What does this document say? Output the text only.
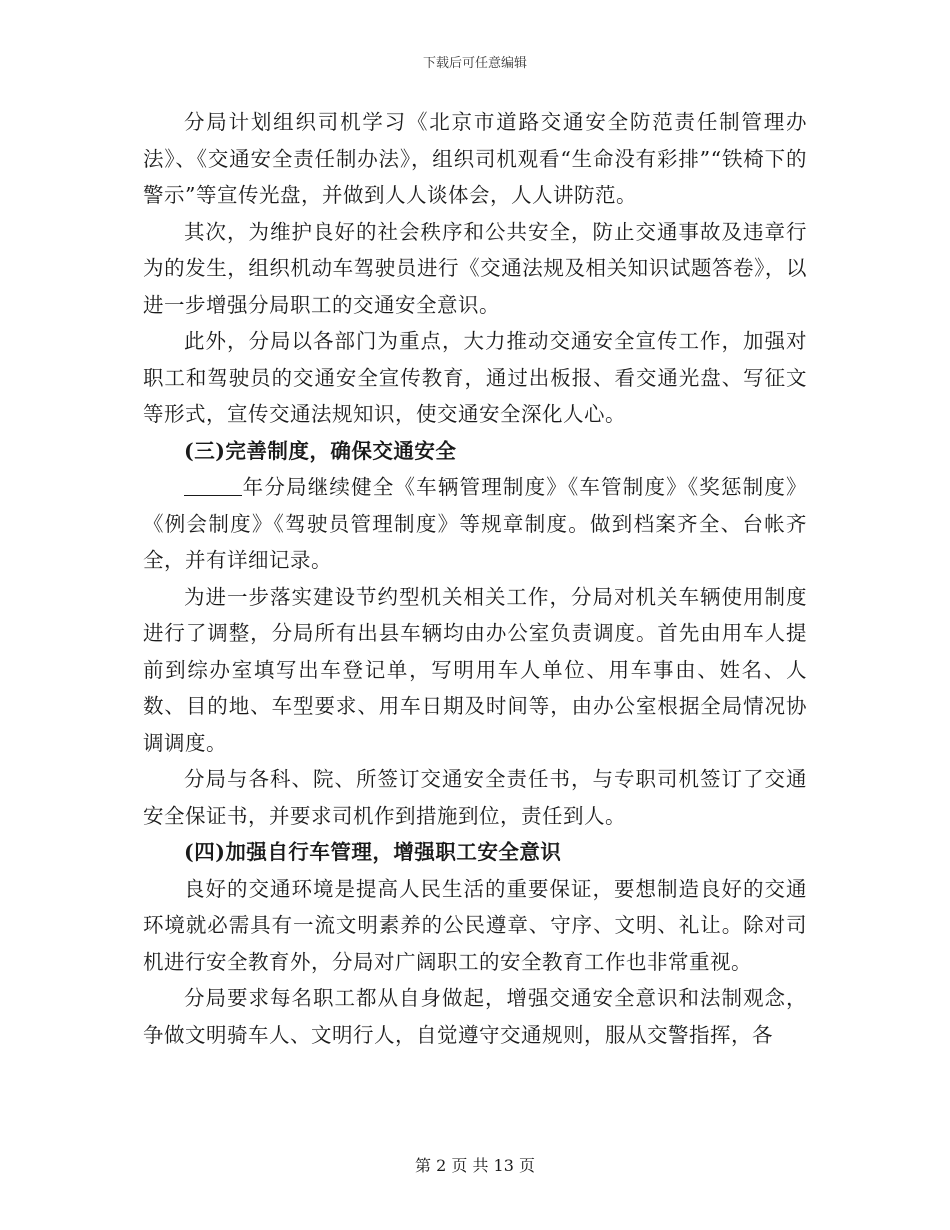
下载后可任意编辑

分局计划组织司机学习《北京市道路交通安全防范责任制管理办法》、《交通安全责任制办法》，组织司机观看“生命没有彩排”“铁椅下的警示”等宣传光盘，并做到人人谈体会，人人讲防范。

其次，为维护良好的社会秩序和公共安全，防止交通事故及违章行为的发生，组织机动车驾驶员进行《交通法规及相关知识试题答卷》，以进一步增强分局职工的交通安全意识。

此外，分局以各部门为重点，大力推动交通安全宣传工作，加强对职工和驾驶员的交通安全宣传教育，通过出板报、看交通光盘、写征文等形式，宣传交通法规知识，使交通安全深化人心。

(三)完善制度，确保交通安全

年分局继续健全《车辆管理制度》《车管制度》《奖惩制度》《例会制度》《驾驶员管理制度》等规章制度。做到档案齐全、台帐齐全，并有详细记录。

为进一步落实建设节约型机关相关工作，分局对机关车辆使用制度进行了调整，分局所有出县车辆均由办公室负责调度。首先由用车人提前到综办室填写出车登记单，写明用车人单位、用车事由、姓名、人数、目的地、车型要求、用车日期及时间等，由办公室根据全局情况协调调度。

分局与各科、院、所签订交通安全责任书，与专职司机签订了交通安全保证书，并要求司机作到措施到位，责任到人。

(四)加强自行车管理，增强职工安全意识

良好的交通环境是提高人民生活的重要保证，要想制造良好的交通环境就必需具有一流文明素养的公民遵章、守序、文明、礼让。除对司机进行安全教育外，分局对广阔职工的安全教育工作也非常重视。

分局要求每名职工都从自身做起，增强交通安全意识和法制观念，争做文明骑车人、文明行人，自觉遵守交通规则，服从交警指挥，各

第 2 页 共 13 页
